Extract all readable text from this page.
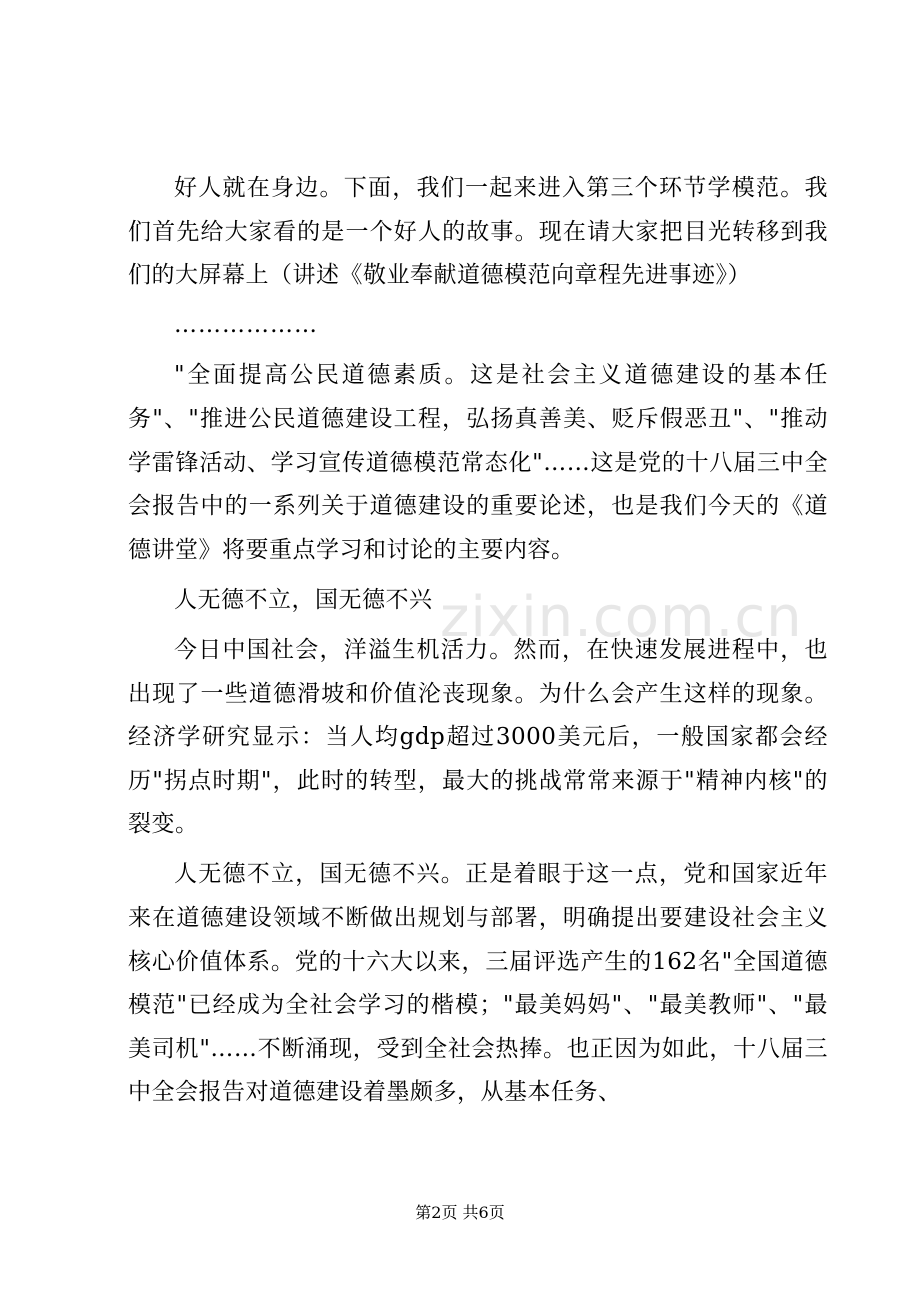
zixin.com.cn

好人就在身边。下面，我们一起来进入第三个环节学模范。我们首先给大家看的是一个好人的故事。现在请大家把目光转移到我们的大屏幕上（讲述《敬业奉献道德模范向章程先进事迹》）

………………

"全面提高公民道德素质。这是社会主义道德建设的基本任务"、"推进公民道德建设工程，弘扬真善美、贬斥假恶丑"、"推动学雷锋活动、学习宣传道德模范常态化"……这是党的十八届三中全会报告中的一系列关于道德建设的重要论述，也是我们今天的《道德讲堂》将要重点学习和讨论的主要内容。

人无德不立，国无德不兴

今日中国社会，洋溢生机活力。然而，在快速发展进程中，也出现了一些道德滑坡和价值沦丧现象。为什么会产生这样的现象。经济学研究显示：当人均gdp超过3000美元后，一般国家都会经历"拐点时期"，此时的转型，最大的挑战常常来源于"精神内核"的裂变。

人无德不立，国无德不兴。正是着眼于这一点，党和国家近年来在道德建设领域不断做出规划与部署，明确提出要建设社会主义核心价值体系。党的十六大以来，三届评选产生的162名"全国道德模范"已经成为全社会学习的楷模；"最美妈妈"、"最美教师"、"最美司机"……不断涌现，受到全社会热捧。也正因为如此，十八届三中全会报告对道德建设着墨颇多，从基本任务、

第2页 共6页
